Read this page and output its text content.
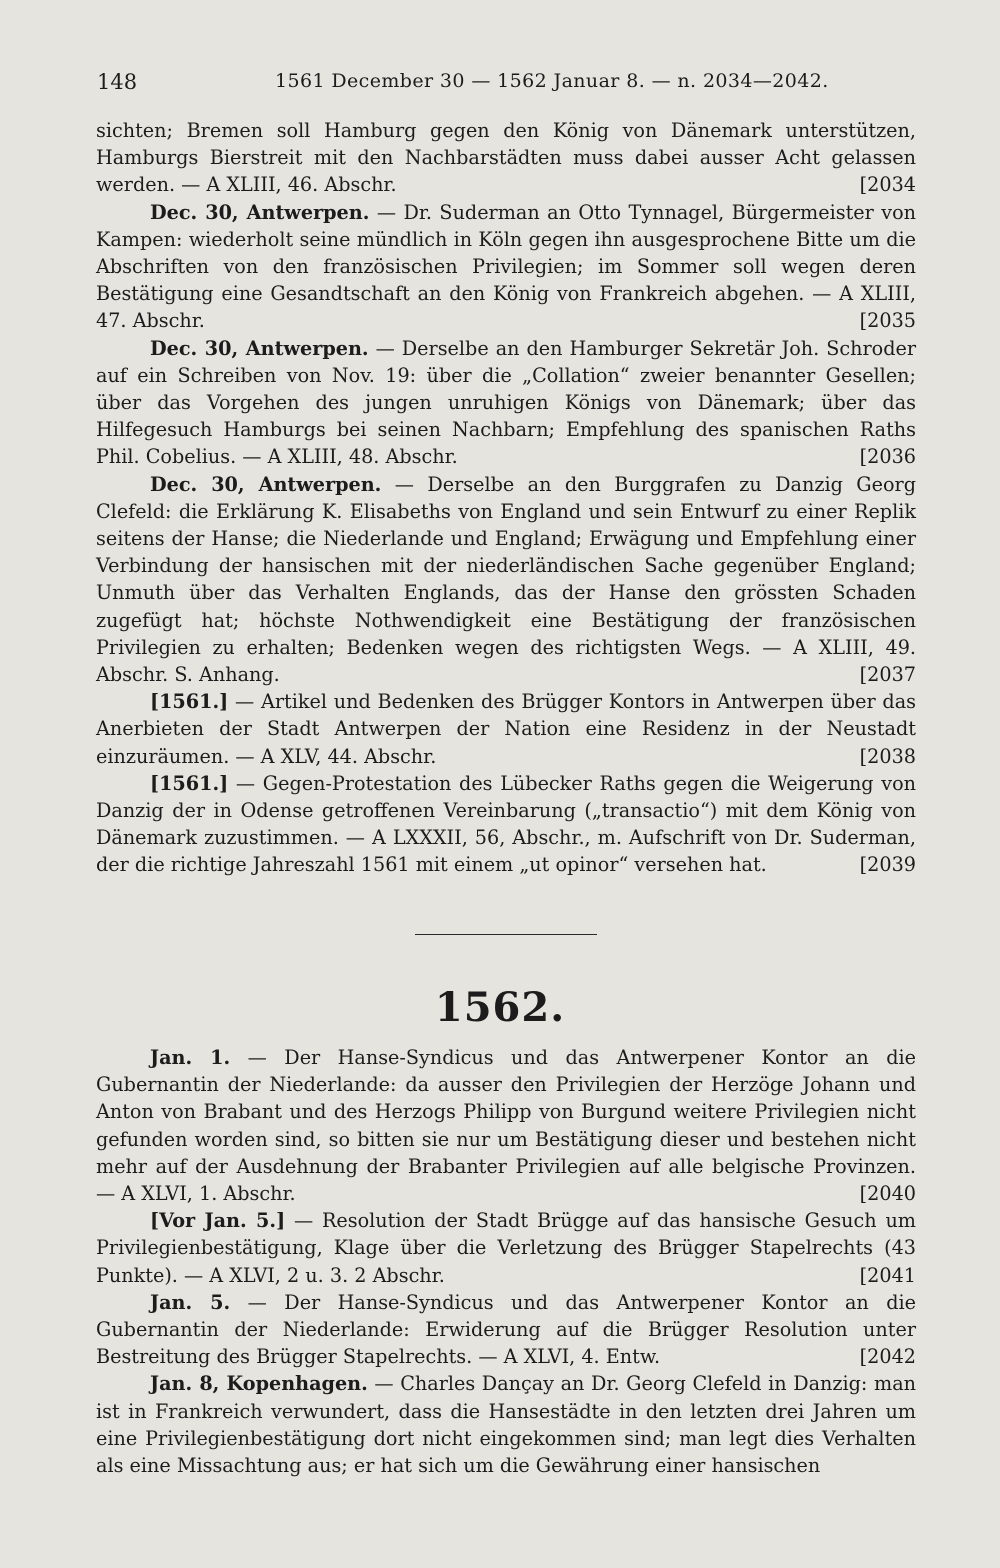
148	1561 December 30 — 1562 Januar 8. — n. 2034—2042.

sichten; Bremen soll Hamburg gegen den König von Dänemark unterstützen, Hamburgs Bierstreit mit den Nachbarstädten muss dabei ausser Acht gelassen werden. — A XLIII, 46. Abschr.	[2034

Dec. 30, Antwerpen. — Dr. Suderman an Otto Tynnagel, Bürgermeister von Kampen: wiederholt seine mündlich in Köln gegen ihn ausgesprochene Bitte um die Abschriften von den französischen Privilegien; im Sommer soll wegen deren Bestätigung eine Gesandtschaft an den König von Frankreich abgehen. — A XLIII, 47. Abschr.	[2035

Dec. 30, Antwerpen. — Derselbe an den Hamburger Sekretär Joh. Schroder auf ein Schreiben von Nov. 19: über die „Collation“ zweier benannter Gesellen; über das Vorgehen des jungen unruhigen Königs von Dänemark; über das Hilfegesuch Hamburgs bei seinen Nachbarn; Empfehlung des spanischen Raths Phil. Cobelius. — A XLIII, 48. Abschr.	[2036

Dec. 30, Antwerpen. — Derselbe an den Burggrafen zu Danzig Georg Clefeld: die Erklärung K. Elisabeths von England und sein Entwurf zu einer Replik seitens der Hanse; die Niederlande und England; Erwägung und Empfehlung einer Verbindung der hansischen mit der niederländischen Sache gegenüber England; Unmuth über das Verhalten Englands, das der Hanse den grössten Schaden zugefügt hat; höchste Nothwendigkeit eine Bestätigung der französischen Privilegien zu erhalten; Bedenken wegen des richtigsten Wegs. — A XLIII, 49. Abschr. S. Anhang.	[2037

[1561.] — Artikel und Bedenken des Brügger Kontors in Antwerpen über das Anerbieten der Stadt Antwerpen der Nation eine Residenz in der Neustadt einzuräumen. — A XLV, 44. Abschr.	[2038

[1561.] — Gegen-Protestation des Lübecker Raths gegen die Weigerung von Danzig der in Odense getroffenen Vereinbarung („transactio“) mit dem König von Dänemark zuzustimmen. — A LXXXII, 56, Abschr., m. Aufschrift von Dr. Suderman, der die richtige Jahreszahl 1561 mit einem „ut opinor“ versehen hat.	[2039

1562.

Jan. 1. — Der Hanse-Syndicus und das Antwerpener Kontor an die Gubernantin der Niederlande: da ausser den Privilegien der Herzöge Johann und Anton von Brabant und des Herzogs Philipp von Burgund weitere Privilegien nicht gefunden worden sind, so bitten sie nur um Bestätigung dieser und bestehen nicht mehr auf der Ausdehnung der Brabanter Privilegien auf alle belgische Provinzen. — A XLVI, 1. Abschr.	[2040

[Vor Jan. 5.] — Resolution der Stadt Brügge auf das hansische Gesuch um Privilegienbestätigung, Klage über die Verletzung des Brügger Stapelrechts (43 Punkte). — A XLVI, 2 u. 3. 2 Abschr.	[2041

Jan. 5. — Der Hanse-Syndicus und das Antwerpener Kontor an die Gubernantin der Niederlande: Erwiderung auf die Brügger Resolution unter Bestreitung des Brügger Stapelrechts. — A XLVI, 4. Entw.	[2042

Jan. 8, Kopenhagen. — Charles Dançay an Dr. Georg Clefeld in Danzig: man ist in Frankreich verwundert, dass die Hansestädte in den letzten drei Jahren um eine Privilegienbestätigung dort nicht eingekommen sind; man legt dies Verhalten als eine Missachtung aus; er hat sich um die Gewährung einer hansischen
